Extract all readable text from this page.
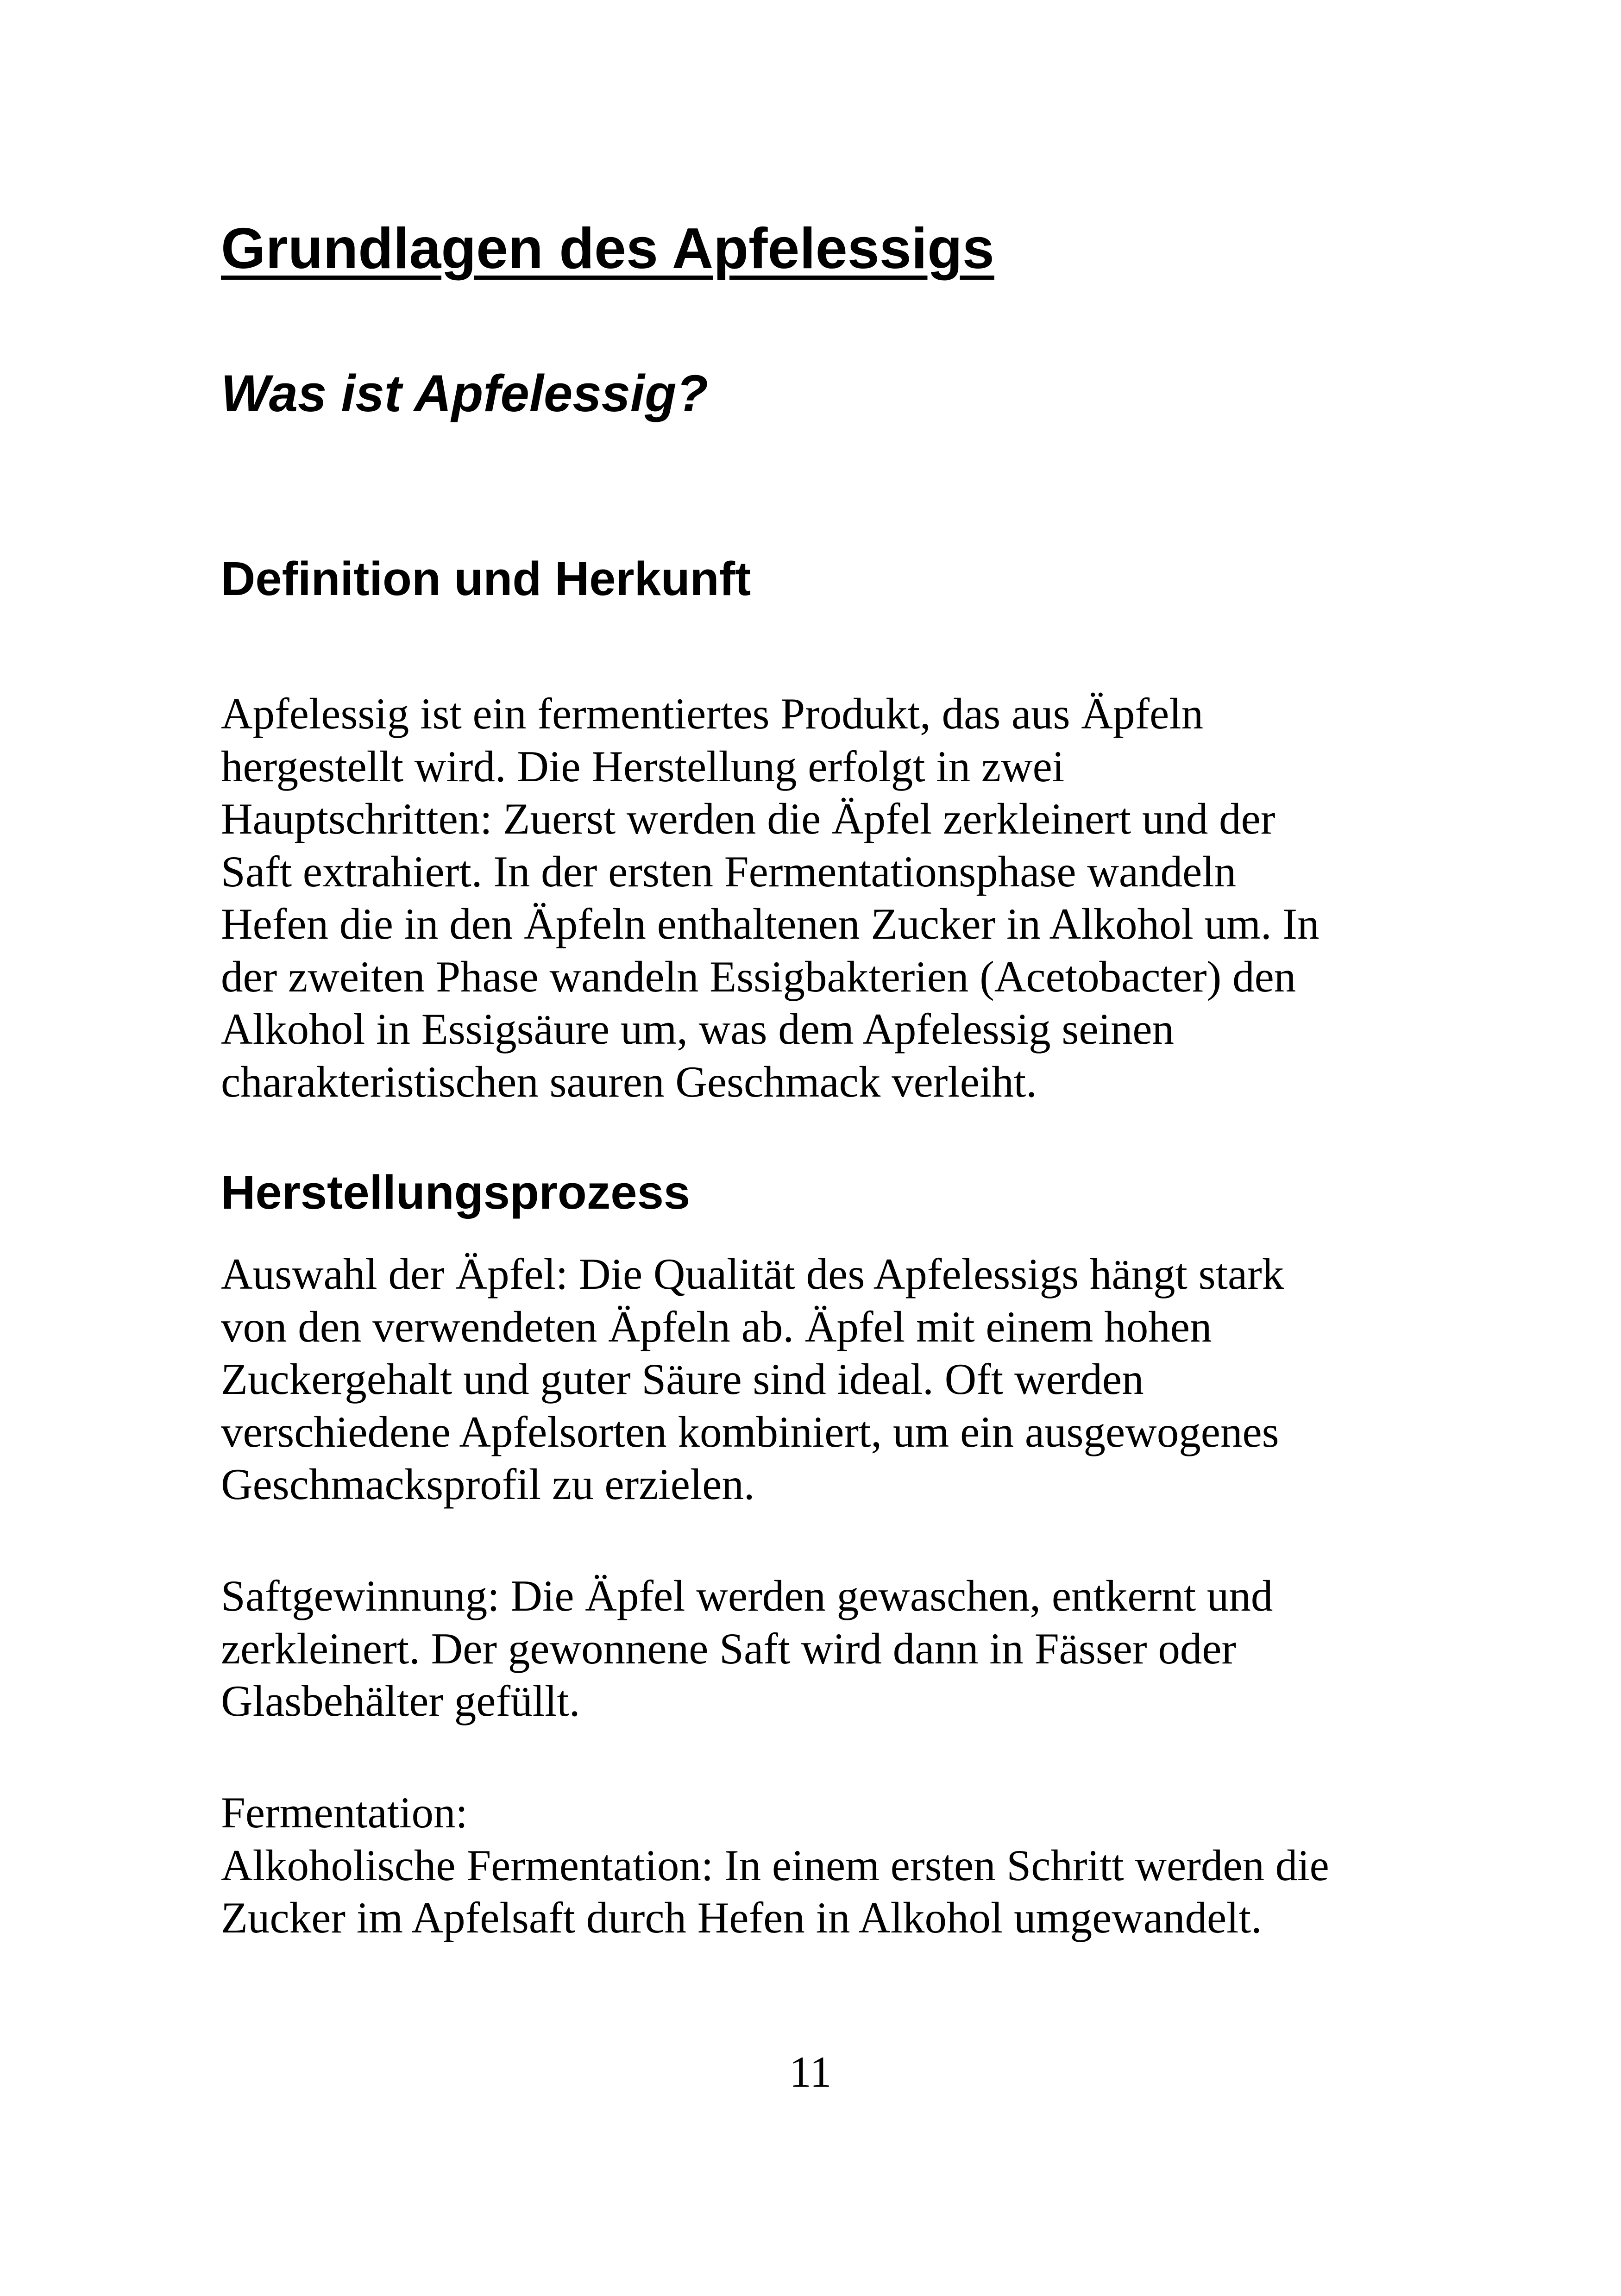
Grundlagen des Apfelessigs
Was ist Apfelessig?
Definition und Herkunft

Apfelessig ist ein fermentiertes Produkt, das aus Äpfeln
hergestellt wird. Die Herstellung erfolgt in zwei
Hauptschritten: Zuerst werden die Äpfel zerkleinert und der
Saft extrahiert. In der ersten Fermentationsphase wandeln
Hefen die in den Äpfeln enthaltenen Zucker in Alkohol um. In
der zweiten Phase wandeln Essigbakterien (Acetobacter) den
Alkohol in Essigsäure um, was dem Apfelessig seinen
charakteristischen sauren Geschmack verleiht.

Herstellungsprozess

Auswahl der Äpfel: Die Qualität des Apfelessigs hängt stark
von den verwendeten Äpfeln ab. Äpfel mit einem hohen
Zuckergehalt und guter Säure sind ideal. Oft werden
verschiedene Apfelsorten kombiniert, um ein ausgewogenes
Geschmacksprofil zu erzielen.

Saftgewinnung: Die Äpfel werden gewaschen, entkernt und
zerkleinert. Der gewonnene Saft wird dann in Fässer oder
Glasbehälter gefüllt.

Fermentation:
Alkoholische Fermentation: In einem ersten Schritt werden die
Zucker im Apfelsaft durch Hefen in Alkohol umgewandelt.

11
